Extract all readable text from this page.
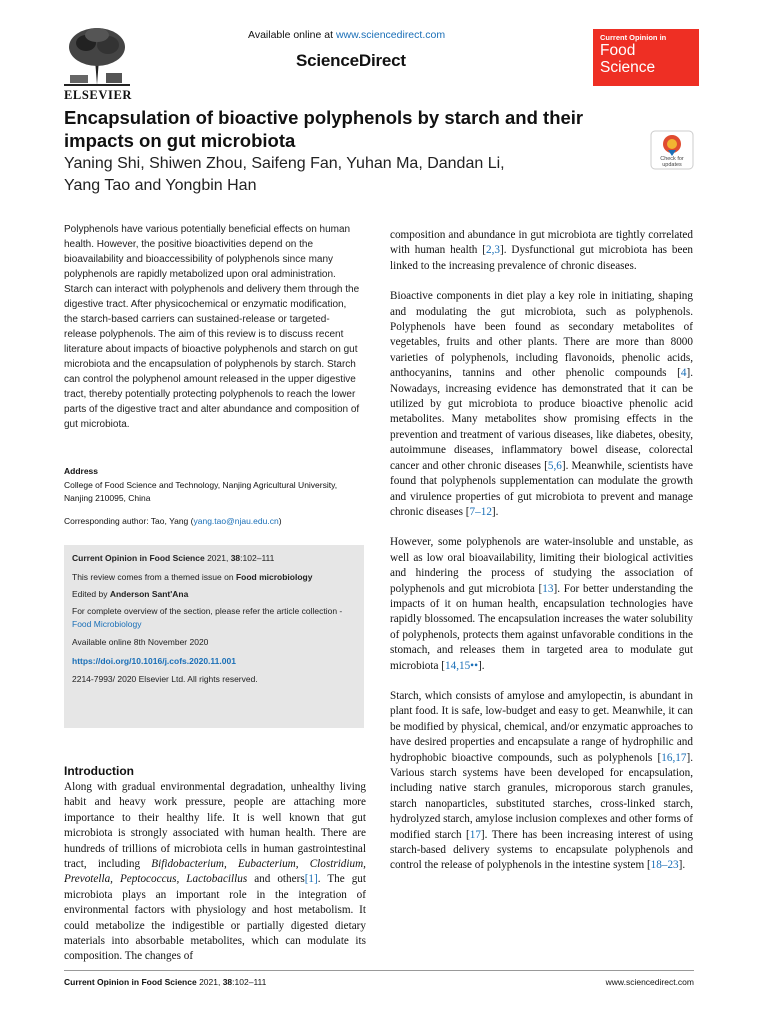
ELSEVIER
Available online at www.sciencedirect.com
ScienceDirect
Current Opinion in
Food
Science
Encapsulation of bioactive polyphenols by starch and their impacts on gut microbiota
Yaning Shi, Shiwen Zhou, Saifeng Fan, Yuhan Ma, Dandan Li,
Yang Tao and Yongbin Han
Check for updates
Polyphenols have various potentially beneficial effects on human health. However, the positive bioactivities depend on the bioavailability and bioaccessibility of polyphenols since many polyphenols are rapidly metabolized upon oral administration. Starch can interact with polyphenols and delivery them through the digestive tract. After physicochemical or enzymatic modification, the starch-based carriers can sustained-release or targeted-release polyphenols. The aim of this review is to discuss recent literature about impacts of bioactive polyphenols and starch on gut microbiota and the encapsulation of polyphenols by starch. Starch can control the polyphenol amount released in the upper digestive tract, thereby potentially protecting polyphenols to reach the lower parts of the digestive tract and alter abundance and composition of gut microbiota.
Address
College of Food Science and Technology, Nanjing Agricultural University, Nanjing 210095, China
Corresponding author: Tao, Yang (yang.tao@njau.edu.cn)
Current Opinion in Food Science 2021, 38:102–111
This review comes from a themed issue on Food microbiology
Edited by Anderson Sant'Ana
For complete overview of the section, please refer the article collection - Food Microbiology
Available online 8th November 2020
https://doi.org/10.1016/j.cofs.2020.11.001
2214-7993/ 2020 Elsevier Ltd. All rights reserved.
Introduction
Along with gradual environmental degradation, unhealthy living habit and heavy work pressure, people are attaching more importance to their healthy life. It is well known that gut microbiota is strongly associated with human health. There are hundreds of trillions of microbiota cells in human gastrointestinal tract, including Bifidobacterium, Eubacterium, Clostridium, Prevotella, Peptococcus, Lactobacillus and others[1]. The gut microbiota plays an important role in the integration of environmental factors with physiology and host metabolism. It could metabolize the indigestible or partially digested dietary materials into absorbable metabolites, which can modulate its composition. The changes of

composition and abundance in gut microbiota are tightly correlated with human health [2,3]. Dysfunctional gut microbiota has been linked to the increasing prevalence of chronic diseases.

Bioactive components in diet play a key role in initiating, shaping and modulating the gut microbiota, such as polyphenols. Polyphenols have been found as secondary metabolites of vegetables, fruits and other plants. There are more than 8000 varieties of polyphenols, including flavonoids, phenolic acids, anthocyanins, tannins and other phenolic compounds [4]. Nowadays, increasing evidence has demonstrated that it can be utilized by gut microbiota to produce bioactive phenolic acid metabolites. Many metabolites show promising effects in the prevention and treatment of various diseases, like diabetes, obesity, autoimmune diseases, inflammatory bowel disease, colorectal cancer and other chronic diseases [5,6]. Meanwhile, scientists have found that polyphenols supplementation can modulate the growth and virulence properties of gut microbiota to prevent and manage chronic diseases [7–12].

However, some polyphenols are water-insoluble and unstable, as well as low oral bioavailability, limiting their biological activities and hindering the process of studying the association of polyphenols and gut microbiota [13]. For better understanding the impacts of it on human health, encapsulation technologies have rapidly blossomed. The encapsulation increases the water solubility of polyphenols, protects them against unfavorable conditions in the stomach, and releases them in targeted area to modulate gut microbiota [14,15••].

Starch, which consists of amylose and amylopectin, is abundant in plant food. It is safe, low-budget and easy to get. Meanwhile, it can be modified by physical, chemical, and/or enzymatic approaches to have desired properties and encapsulate a range of hydrophilic and hydrophobic bioactive compounds, such as polyphenols [16,17]. Various starch systems have been developed for encapsulation, including native starch granules, microporous starch granules, starch nanoparticles, substituted starches, cross-linked starch, hydrolyzed starch, amylose inclusion complexes and other forms of modified starch [17]. There has been increasing interest of using starch-based delivery systems to encapsulate polyphenols and control the release of polyphenols in the intestine system [18–23].

Current Opinion in Food Science 2021, 38:102–111	www.sciencedirect.com
